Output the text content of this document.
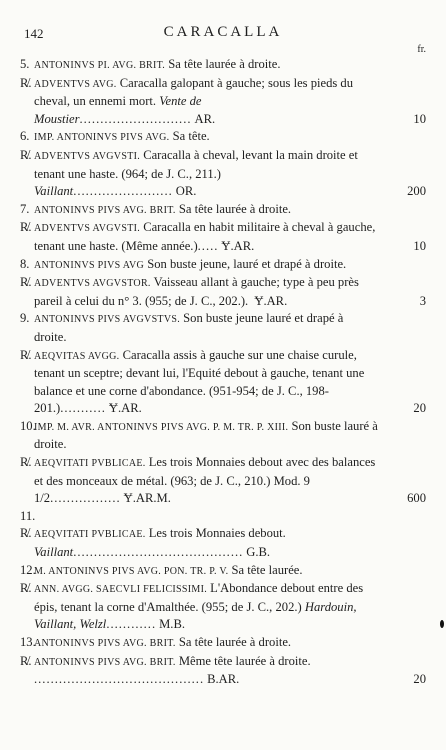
142	CARACALLA
fr.
5. ANTONINVS PI. AVG. BRIT. Sa tête laurée à droite.
R̸. ADVENTVS AVG. Caracalla galopant à gauche; sous les pieds du cheval, un ennemi mort. Vente de Moustier........................... AR.	10
6. IMP. ANTONINVS PIVS AVG. Sa tête.
R̸. ADVENTVS AVGVSTI. Caracalla à cheval, levant la main droite et tenant une haste. (964; de J. C., 211.) Vaillant........................ OR.	200
7. ANTONINVS PIVS AVG. BRIT. Sa tête laurée à droite.
R̸. ADVENTVS AVGVSTI. Caracalla en habit militaire à cheval à gauche, tenant une haste. (Même année.)..... Ɏ.AR.	10
8. ANTONINVS PIVS AVG Son buste jeune, lauré et drapé à droite.
R̸. ADVENTVS AVGVSTOR. Vaisseau allant à gauche; type à peu près pareil à celui du n° 3. (955; de J. C., 202.). Ɏ.AR.	3
9. ANTONINVS PIVS AVGVSTVS. Son buste jeune lauré et drapé à droite.
R̸. AEQVITAS AVGG. Caracalla assis à gauche sur une chaise curule, tenant un sceptre; devant lui, l'Equité debout à gauche, tenant une balance et une corne d'abondance. (951-954; de J. C., 198-201.)........... Ɏ.AR.	20
10.IMP. M. AVR. ANTONINVS PIVS AVG. P. M. TR. P. XIII. Son buste lauré à droite.
R̸. AEQVITATI PVBLICAE. Les trois Monnaies debout avec des balances et des monceaux de métal. (963; de J. C., 210.) Mod. 9 1/2................. Ɏ.AR.M.	600
11.
R̸. AEQVITATI PVBLICAE. Les trois Monnaies debout. Vaillant......................................... G.B.
12.M. ANTONINVS PIVS AVG. PON. TR. P. V. Sa tête laurée.
R̸. ANN. AVGG. SAECVLI FELICISSIMI. L'Abondance debout entre des épis, tenant la corne d'Amalthée. (955; de J. C., 202.) Hardouin, Vaillant, Welzl............ M.B.
13.ANTONINVS PIVS AVG. BRIT. Sa tête laurée à droite.
R̸. ANTONINVS PIVS AVG. BRIT. Même tête laurée à droite. ......................................... B.AR.	20
